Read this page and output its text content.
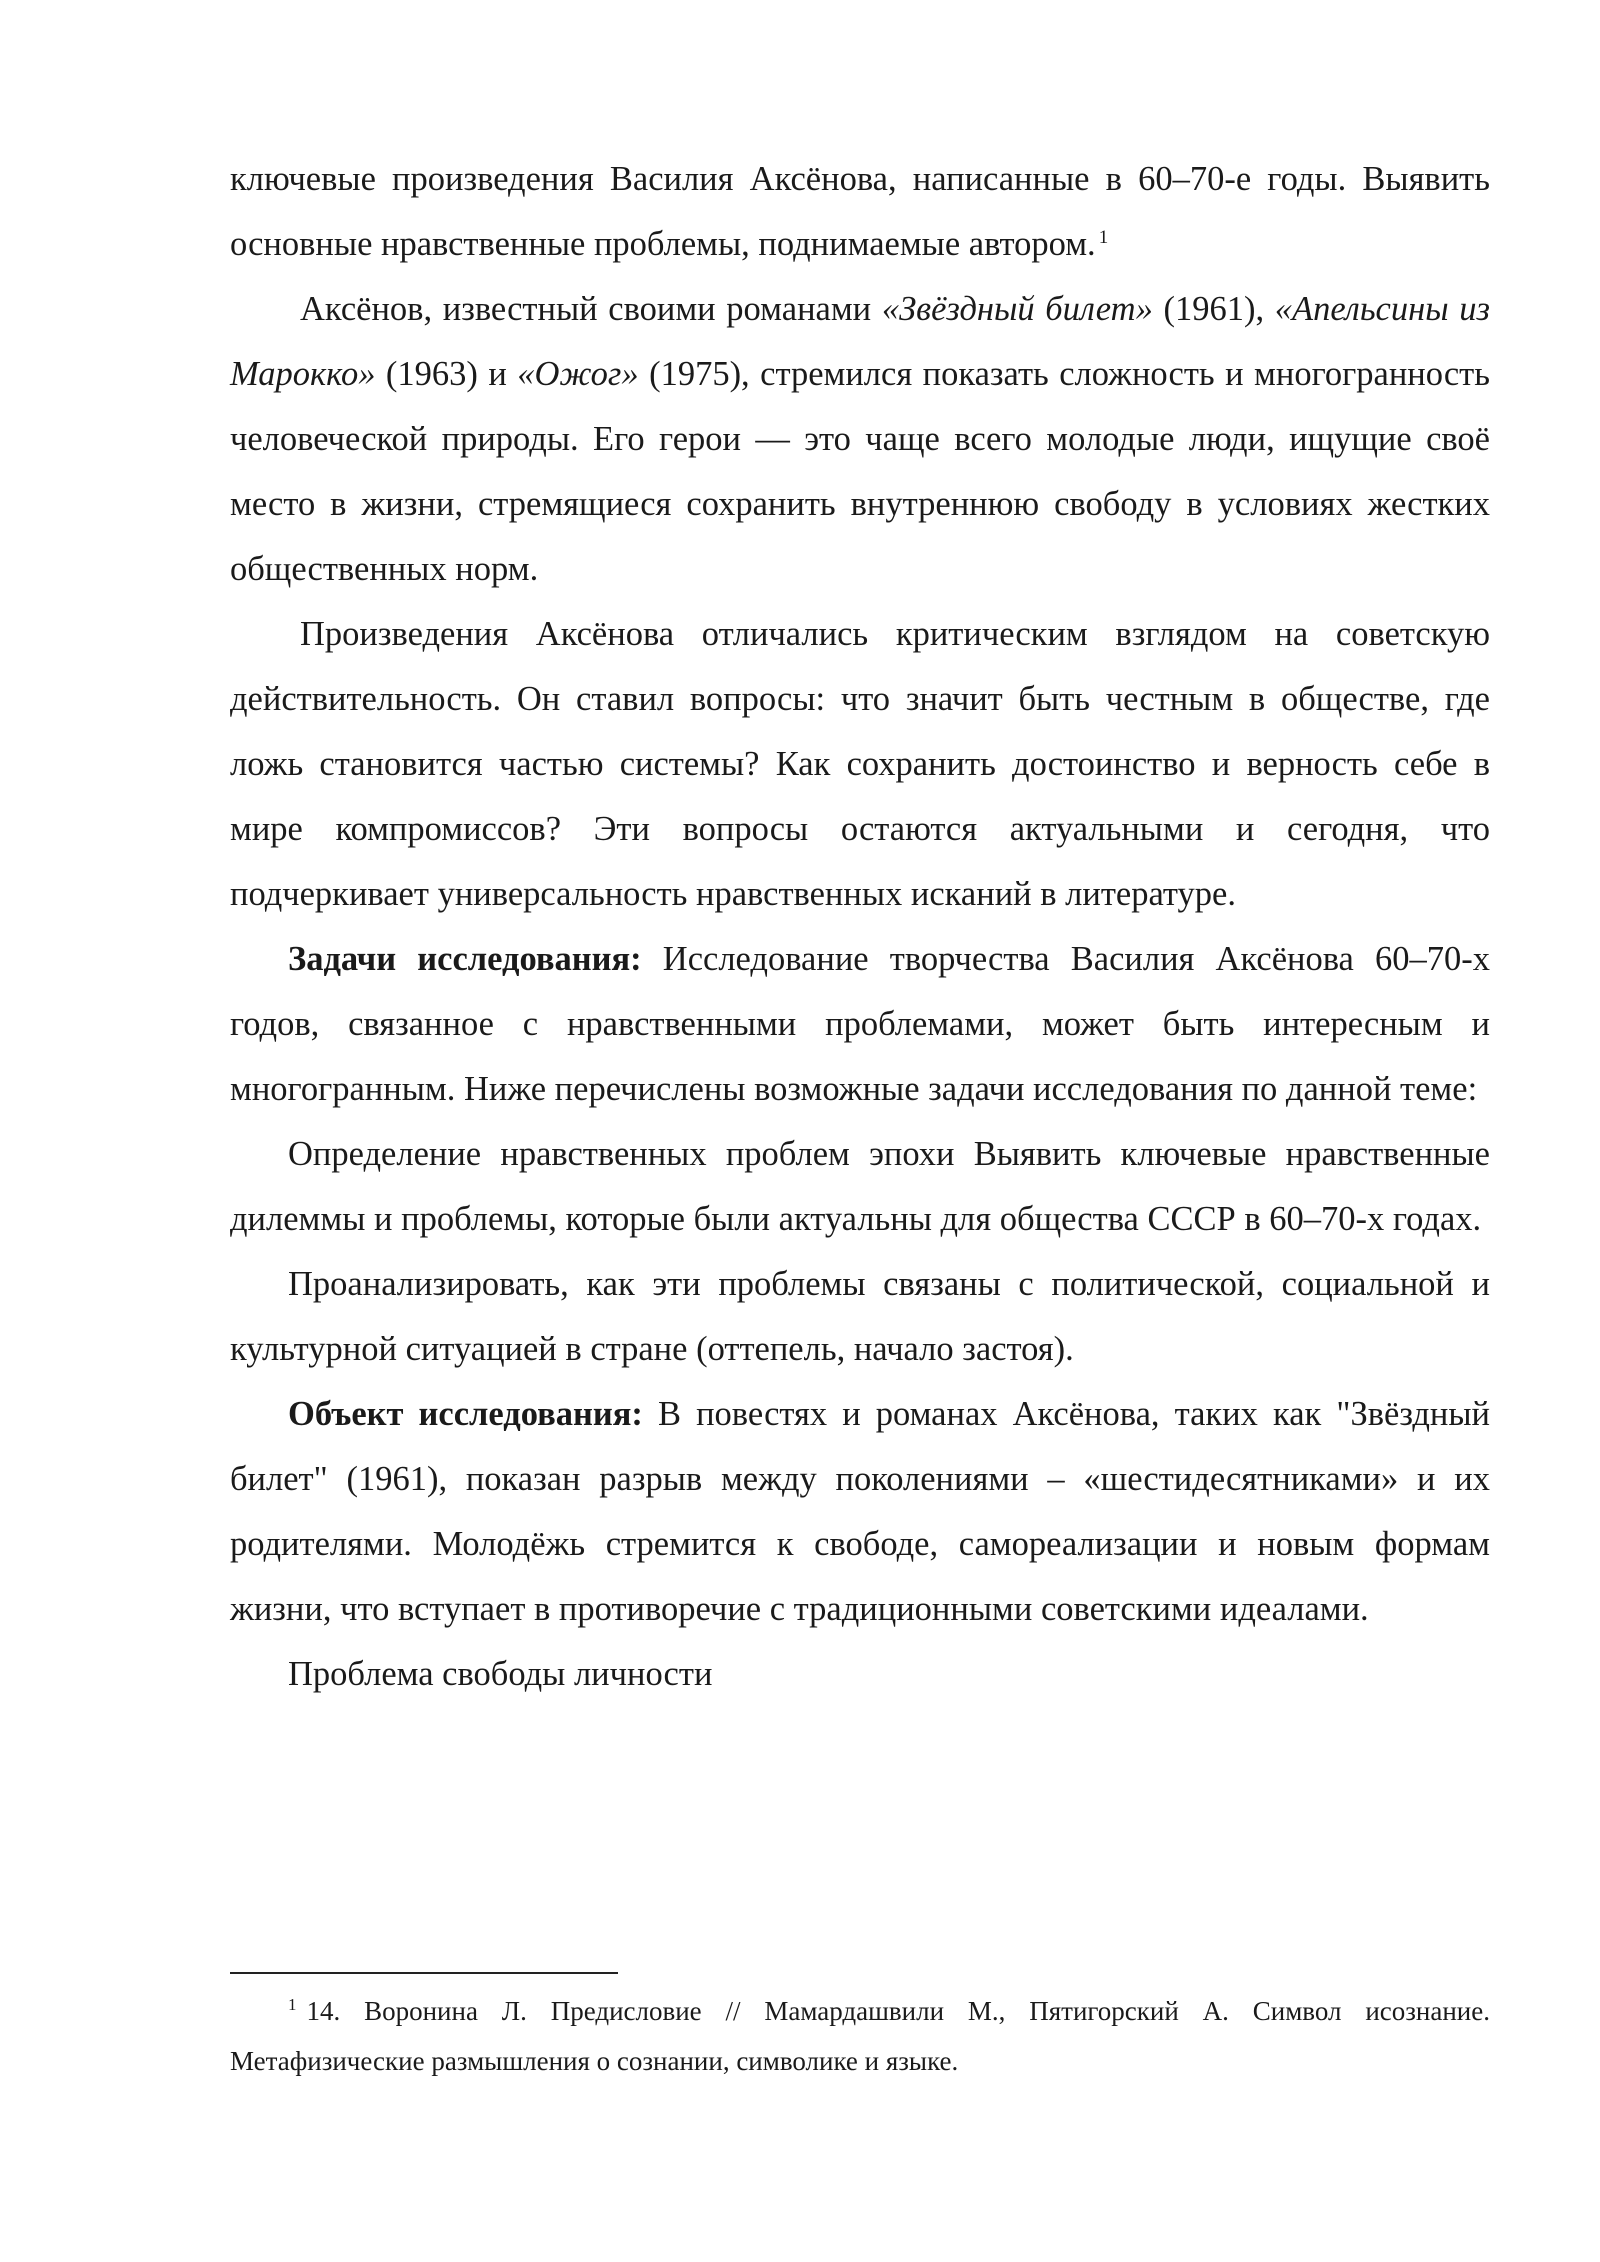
ключевые произведения Василия Аксёнова, написанные в 60–70-е годы. Выявить основные нравственные проблемы, поднимаемые автором. $^1$

Аксёнов, известный своими романами «Звёздный билет» (1961), «Апельсины из Марокко» (1963) и «Ожог» (1975), стремился показать сложность и многогранность человеческой природы. Его герои — это чаще всего молодые люди, ищущие своё место в жизни, стремящиеся сохранить внутреннюю свободу в условиях жестких общественных норм.

Произведения Аксёнова отличались критическим взглядом на советскую действительность. Он ставил вопросы: что значит быть честным в обществе, где ложь становится частью системы? Как сохранить достоинство и верность себе в мире компромиссов? Эти вопросы остаются актуальными и сегодня, что подчеркивает универсальность нравственных исканий в литературе.

Задачи исследования: Исследование творчества Василия Аксёнова 60–70-х годов, связанное с нравственными проблемами, может быть интересным и многогранным. Ниже перечислены возможные задачи исследования по данной теме:

Определение нравственных проблем эпохи Выявить ключевые нравственные дилеммы и проблемы, которые были актуальны для общества СССР в 60–70-х годах.

Проанализировать, как эти проблемы связаны с политической, социальной и культурной ситуацией в стране (оттепель, начало застоя).

Объект исследования: В повестях и романах Аксёнова, таких как "Звёздный билет" (1961), показан разрыв между поколениями – «шестидесятниками» и их родителями. Молодёжь стремится к свободе, самореализации и новым формам жизни, что вступает в противоречие с традиционными советскими идеалами.

Проблема свободы личности

$^1$ 14. Воронина Л. Предисловие // Мамардашвили М., Пятигорский А. Символ исознание. Метафизические размышления о сознании, символике и языке.
